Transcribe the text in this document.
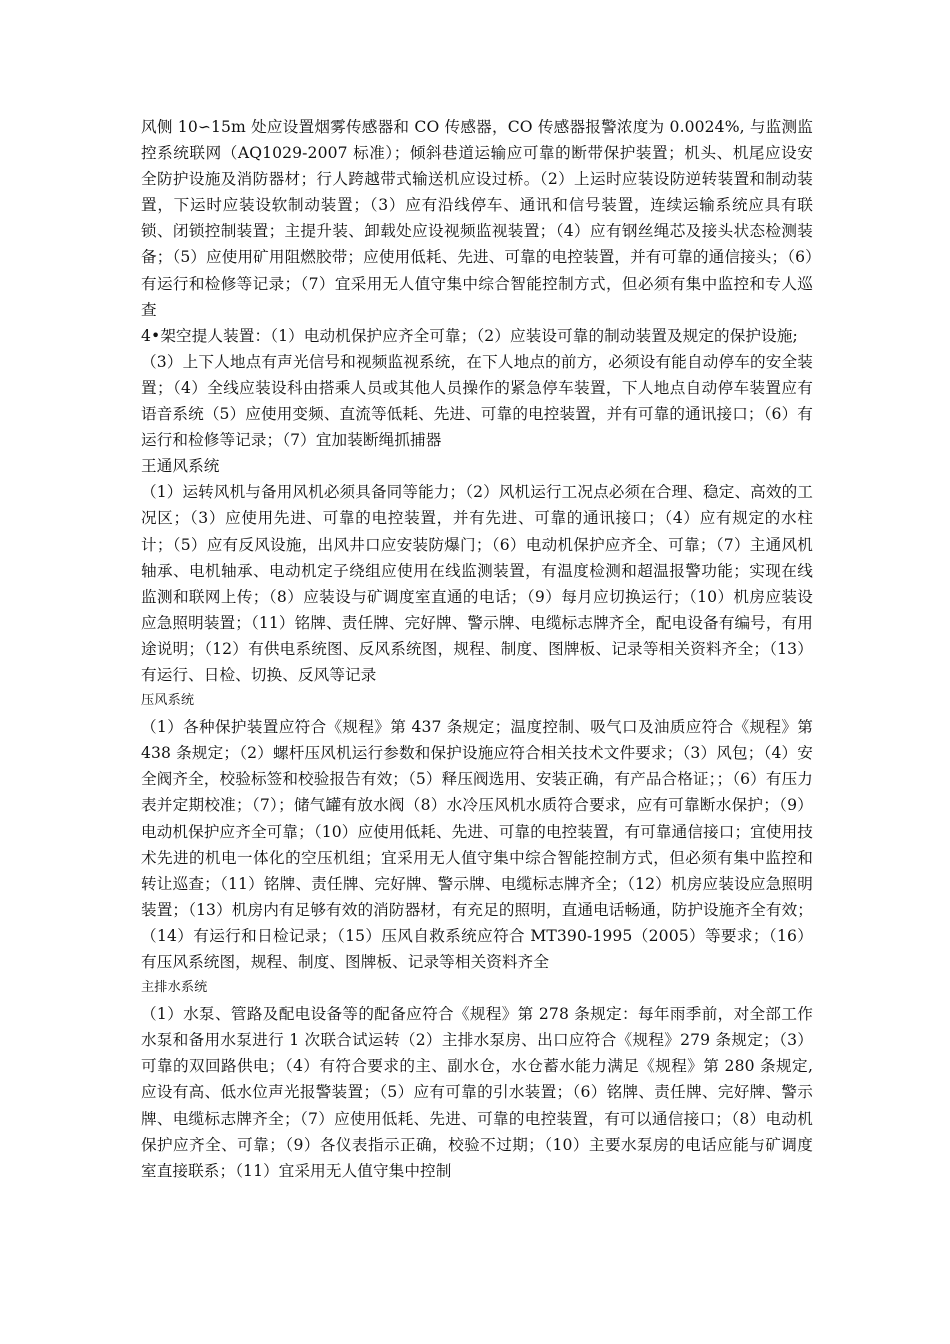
风侧 10∽15m 处应设置烟雾传感器和 CO 传感器，CO 传感器报警浓度为 0.0024%, 与监测监控系统联网（AQ1029-2007 标准）；倾斜巷道运输应可靠的断带保护装置；机头、机尾应设安全防护设施及消防器材；行人跨越带式输送机应设过桥。（2）上运时应装设防逆转装置和制动装置，下运时应装设软制动装置；（3）应有沿线停车、通讯和信号装置，连续运输系统应具有联锁、闭锁控制装置；主提升装、卸载处应设视频监视装置；（4）应有钢丝绳芯及接头状态检测装备；（5）应使用矿用阻燃胶带；应使用低耗、先进、可靠的电控装置，并有可靠的通信接头；（6）有运行和检修等记录；（7）宜采用无人值守集中综合智能控制方式，但必须有集中监控和专人巡查

4•架空提人装置：（1）电动机保护应齐全可靠；（2）应装设可靠的制动装置及规定的保护设施;

（3）上下人地点有声光信号和视频监视系统，在下人地点的前方，必须设有能自动停车的安全装置；（4）全线应装设科由搭乘人员或其他人员操作的紧急停车装置，下人地点自动停车装置应有语音系统（5）应使用变频、直流等低耗、先进、可靠的电控装置，并有可靠的通讯接口；（6）有运行和检修等记录；（7）宜加装断绳抓捕器

王通风系统

（1）运转风机与备用风机必须具备同等能力；（2）风机运行工况点必须在合理、稳定、高效的工况区；（3）应使用先进、可靠的电控装置，并有先进、可靠的通讯接口；（4）应有规定的水柱计；（5）应有反风设施，出风井口应安装防爆门；（6）电动机保护应齐全、可靠；（7）主通风机轴承、电机轴承、电动机定子绕组应使用在线监测装置，有温度检测和超温报警功能；实现在线监测和联网上传；（8）应装设与矿调度室直通的电话；（9）每月应切换运行；（10）机房应装设应急照明装置；（11）铭牌、责任牌、完好牌、警示牌、电缆标志牌齐全，配电设备有编号，有用途说明；（12）有供电系统图、反风系统图，规程、制度、图牌板、记录等相关资料齐全；（13）有运行、日检、切换、反风等记录

压风系统

（1）各种保护装置应符合《规程》第 437 条规定；温度控制、吸气口及油质应符合《规程》第 438 条规定；（2）螺杆压风机运行参数和保护设施应符合相关技术文件要求；（3）风包；（4）安全阀齐全，校验标签和校验报告有效；（5）释压阀选用、安装正确，有产品合格证；；（6）有压力表并定期校准；（7）；储气罐有放水阀（8）水冷压风机水质符合要求，应有可靠断水保护；（9）电动机保护应齐全可靠；（10）应使用低耗、先进、可靠的电控装置，有可靠通信接口；宜使用技术先进的机电一体化的空压机组；宜采用无人值守集中综合智能控制方式，但必须有集中监控和转让巡查；（11）铭牌、责任牌、完好牌、警示牌、电缆标志牌齐全；（12）机房应装设应急照明装置；（13）机房内有足够有效的消防器材，有充足的照明，直通电话畅通，防护设施齐全有效；（14）有运行和日检记录；（15）压风自救系统应符合 MT390-1995（2005）等要求；（16）有压风系统图，规程、制度、图牌板、记录等相关资料齐全

主排水系统

（1）水泵、管路及配电设备等的配备应符合《规程》第 278 条规定：每年雨季前，对全部工作水泵和备用水泵进行 1 次联合试运转（2）主排水泵房、出口应符合《规程》279 条规定；（3）可靠的双回路供电；（4）有符合要求的主、副水仓，水仓蓄水能力满足《规程》第 280 条规定, 应设有高、低水位声光报警装置；（5）应有可靠的引水装置；（6）铭牌、责任牌、完好牌、警示牌、电缆标志牌齐全；（7）应使用低耗、先进、可靠的电控装置，有可以通信接口；（8）电动机保护应齐全、可靠；（9）各仪表指示正确，校验不过期；（10）主要水泵房的电话应能与矿调度室直接联系；（11）宜采用无人值守集中控制
